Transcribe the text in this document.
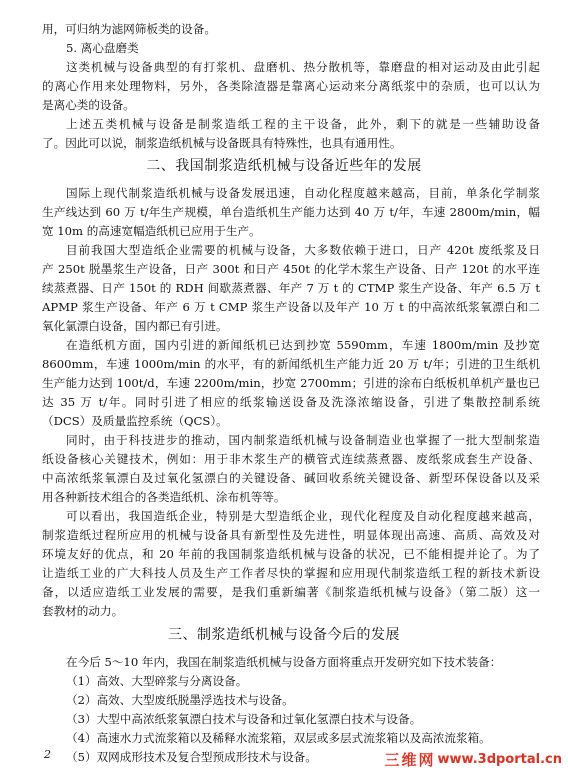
用，可归纳为滤网筛板类的设备。
5. 离心盘磨类
这类机械与设备典型的有打浆机、盘磨机、热分散机等，靠磨盘的相对运动及由此引起
的离心作用来处理物料，另外，各类除渣器是靠离心运动来分离纸浆中的杂质，也可以认为
是离心类的设备。
上述五类机械与设备是制浆造纸工程的主干设备，此外，剩下的就是一些辅助设备
了。因此可以说，制浆造纸机械与设备既具有特殊性，也具有通用性。
二、我国制浆造纸机械与设备近些年的发展
国际上现代制浆造纸机械与设备发展迅速，自动化程度越来越高，目前，单条化学制浆
生产线达到 60 万 t/年生产规模，单台造纸机生产能力达到 40 万 t/年，车速 2800m/min，幅
宽 10m 的高速宽幅造纸机已应用于生产。
目前我国大型造纸企业需要的机械与设备，大多数依赖于进口，日产 420t 废纸浆及日
产 250t 脱墨浆生产设备，日产 300t 和日产 450t 的化学木浆生产设备、日产 120t 的水平连
续蒸煮器、日产 150t 的 RDH 间歇蒸煮器、年产 7 万 t 的 CTMP 浆生产设备、年产 6.5 万 t
APMP 浆生产设备、年产 6 万 t CMP 浆生产设备以及年产 10 万 t 的中高浓纸浆氧漂白和二
氧化氯漂白设备，国内都已有引进。
在造纸机方面，国内引进的新闻纸机已达到抄宽 5590mm，车速 1800m/min 及抄宽
8600mm，车速 1000m/min 的水平，有的新闻纸机生产能力近 20 万 t/年；引进的卫生纸机
生产能力达到 100t/d，车速 2200m/min，抄宽 2700mm；引进的涂布白纸板机单机产量也已
达 35 万 t/年。同时引进了相应的纸浆输送设备及洗涤浓缩设备，引进了集散控制系统
（DCS）及质量监控系统（QCS）。
同时，由于科技进步的推动，国内制浆造纸机械与设备制造业也掌握了一批大型制浆造
纸设备核心关键技术，例如：用于非木浆生产的横管式连续蒸煮器、废纸浆成套生产设备、
中高浓纸浆氧漂白及过氧化氢漂白的关键设备、碱回收系统关键设备、新型环保设备以及采
用各种新技术组合的各类造纸机、涂布机等等。
可以看出，我国造纸企业，特别是大型造纸企业，现代化程度及自动化程度越来越高，
制浆造纸过程所应用的机械与设备具有新型性及先进性，明显体现出高速、高质、高效及对
环境友好的优点，和 20 年前的我国制浆造纸机械与设备的状况，已不能相提并论了。为了
让造纸工业的广大科技人员及生产工作者尽快的掌握和应用现代制浆造纸工程的新技术新设
备，以适应造纸工业发展的需要，是我们重新编著《制浆造纸机械与设备》（第二版）这一
套教材的动力。
三、制浆造纸机械与设备今后的发展
在今后 5～10 年内，我国在制浆造纸机械与设备方面将重点开发研究如下技术装备：
（1）高效、大型碎浆与分离设备。
（2）高效、大型废纸脱墨浮选技术与设备。
（3）大型中高浓纸浆氧漂白技术与设备和过氧化氢漂白技术与设备。
（4）高速水力式流浆箱以及稀释水流浆箱，双层或多层式流浆箱以及高浓流浆箱。
（5）双网成形技术及复合型预成形技术与设备。
2	三维网 www.3dportal.cn
